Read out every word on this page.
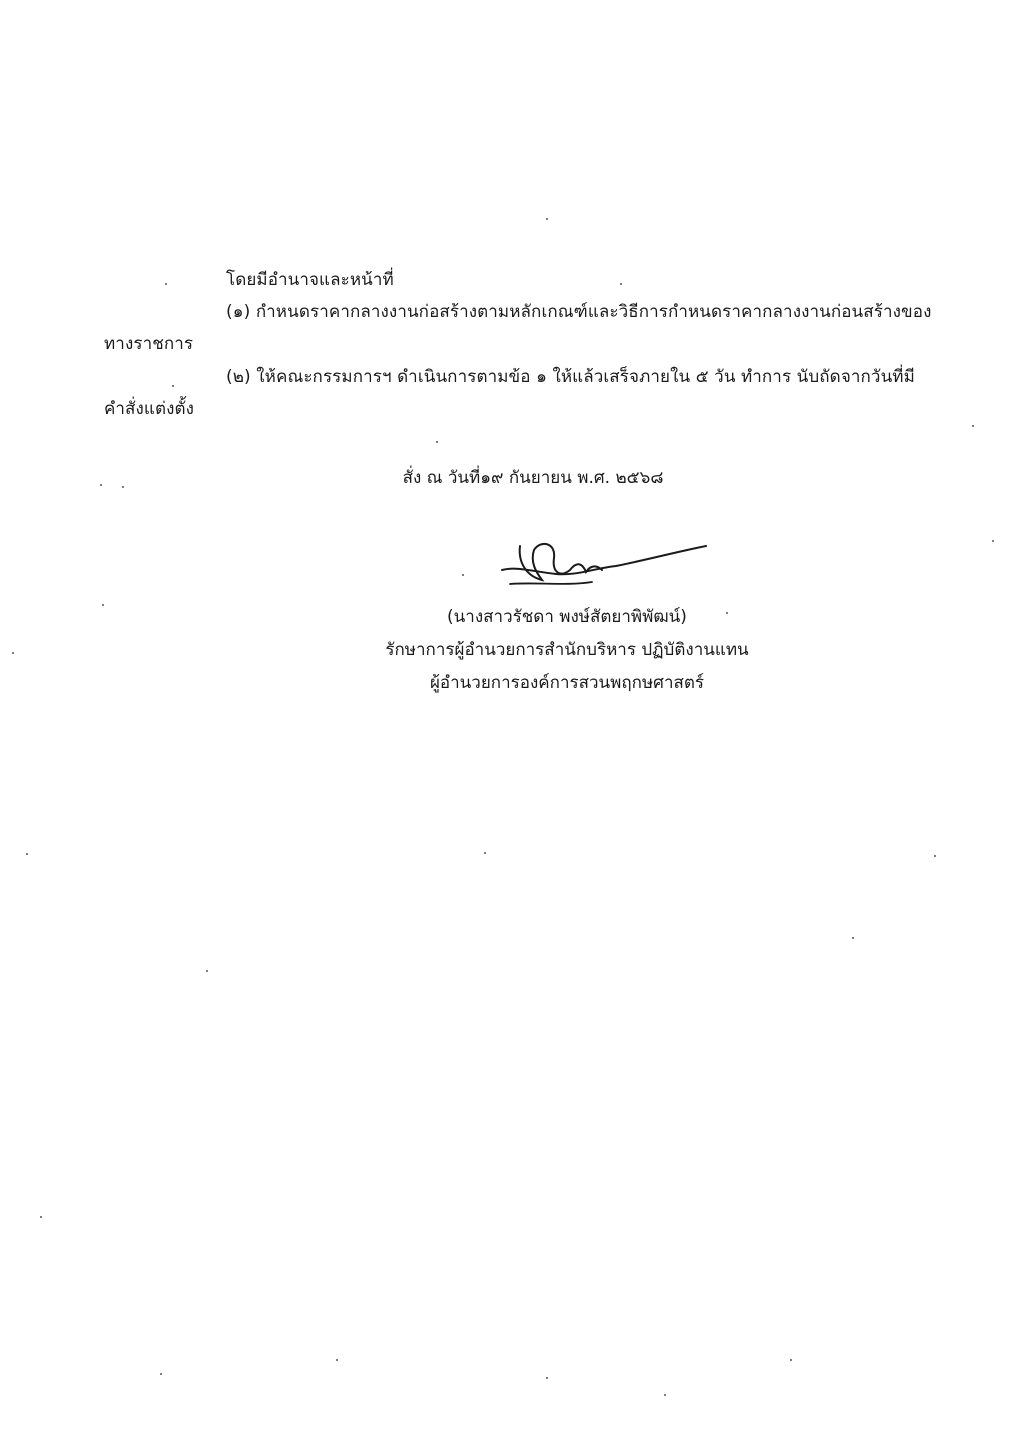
โดยมีอำนาจและหน้าที่
(๑) กำหนดราคากลางงานก่อสร้างตามหลักเกณฑ์และวิธีการกำหนดราคากลางงานก่อนสร้างของ
ทางราชการ
(๒) ให้คณะกรรมการฯ ดำเนินการตามข้อ ๑ ให้แล้วเสร็จภายใน ๕ วัน ทำการ นับถัดจากวันที่มี
คำสั่งแต่งตั้ง
สั่ง ณ วันที่๑๙ กันยายน พ.ศ. ๒๕๖๘
(นางสาวรัชดา พงษ์สัตยาพิพัฒน์)
รักษาการผู้อำนวยการสำนักบริหาร ปฏิบัติงานแทน
ผู้อำนวยการองค์การสวนพฤกษศาสตร์
